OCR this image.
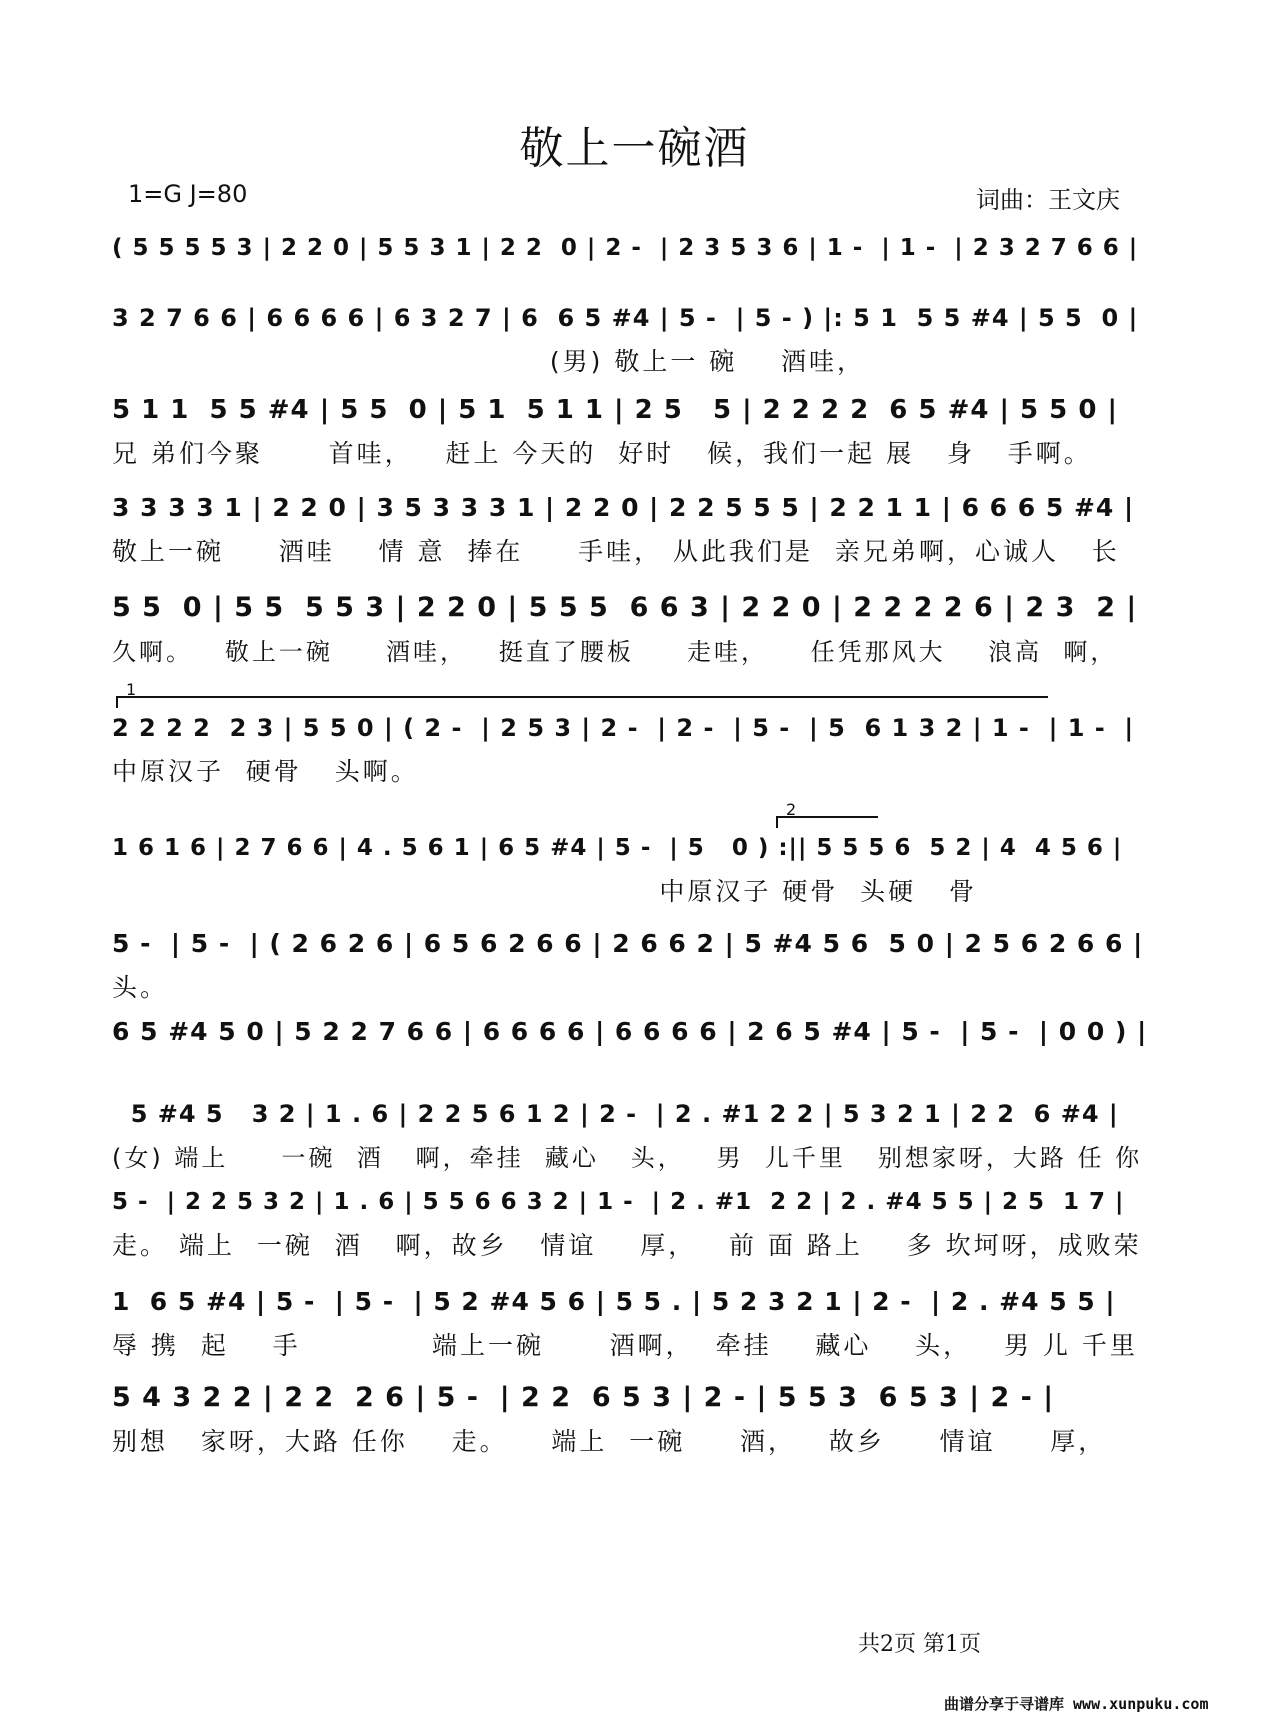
敬上一碗酒
1=G J=80	词曲：王文庆
( 5 5 5 5 3 | 2 2 0 | 5 5 3 1 | 2 2  0 | 2 -  | 2 3 5 3 6 | 1 -  | 1 -  | 2 3 2 7 6 6 |
3 2 7 6 6 | 6 6 6 6 | 6 3 2 7 | 6  6 5 #4 | 5 -  | 5 - ) |: 5 1  5 5 #4 | 5 5  0 |
(男) 敬上一 碗    酒哇，
5 1 1  5 5 #4 | 5 5  0 | 5 1  5 1 1 | 2 5   5 | 2 2 2 2  6 5 #4 | 5 5 0 |
兄 弟们今聚      首哇，   赶上 今天的  好时   候，我们一起 展   身   手啊。
3 3 3 3 1 | 2 2 0 | 3 5 3 3 3 1 | 2 2 0 | 2 2 5 5 5 | 2 2 1 1 | 6 6 6 5 #4 |
敬上一碗     酒哇    情 意  捧在     手哇， 从此我们是  亲兄弟啊，心诚人   长
5 5  0 | 5 5  5 5 3 | 2 2 0 | 5 5 5  6 6 3 | 2 2 0 | 2 2 2 2 6 | 2 3  2 |
久啊。   敬上一碗     酒哇，   挺直了腰板     走哇，    任凭那风大    浪高  啊，
2 2 2 2  2 3 | 5 5 0 | ( 2 -  | 2 5 3 | 2 -  | 2 -  | 5 -  | 5  6 1 3 2 | 1 -  | 1 -  |
中原汉子  硬骨   头啊。
1 6 1 6 | 2 7 6 6 | 4 . 5 6 1 | 6 5 #4 | 5 -  | 5   0 ) :|| 5 5 5 6  5 2 | 4  4 5 6 |
中原汉子 硬骨  头硬   骨
5 -  | 5 -  | ( 2 6 2 6 | 6 5 6 2 6 6 | 2 6 6 2 | 5 #4 5 6  5 0 | 2 5 6 2 6 6 |
头。
6 5 #4 5 0 | 5 2 2 7 6 6 | 6 6 6 6 | 6 6 6 6 | 2 6 5 #4 | 5 -  | 5 -  | 0 0 ) |
5 #4 5   3 2 | 1 . 6 | 2 2 5 6 1 2 | 2 -  | 2 . #1 2 2 | 5 3 2 1 | 2 2  6 #4 |
(女) 端上     一碗  酒   啊，牵挂  藏心   头，   男  儿千里   别想家呀，大路 任 你
5 -  | 2 2 5 3 2 | 1 . 6 | 5 5 6 6 3 2 | 1 -  | 2 . #1  2 2 | 2 . #4 5 5 | 2 5  1 7 |
走。 端上  一碗  酒   啊，故乡   情谊    厚，   前 面 路上    多 坎坷呀，成败荣
1  6 5 #4 | 5 -  | 5 -  | 5 2 #4 5 6 | 5 5 . | 5 2 3 2 1 | 2 -  | 2 . #4 5 5 |
辱 携  起    手            端上一碗      酒啊，  牵挂    藏心    头，   男 儿 千里
5 4 3 2 2 | 2 2  2 6 | 5 -  | 2 2  6 5 3 | 2 - | 5 5 3  6 5 3 | 2 - |
别想   家呀，大路 任你    走。    端上  一碗     酒，   故乡     情谊     厚，
1
2
共2页 第1页
曲谱分享于寻谱库 www.xunpuku.com
